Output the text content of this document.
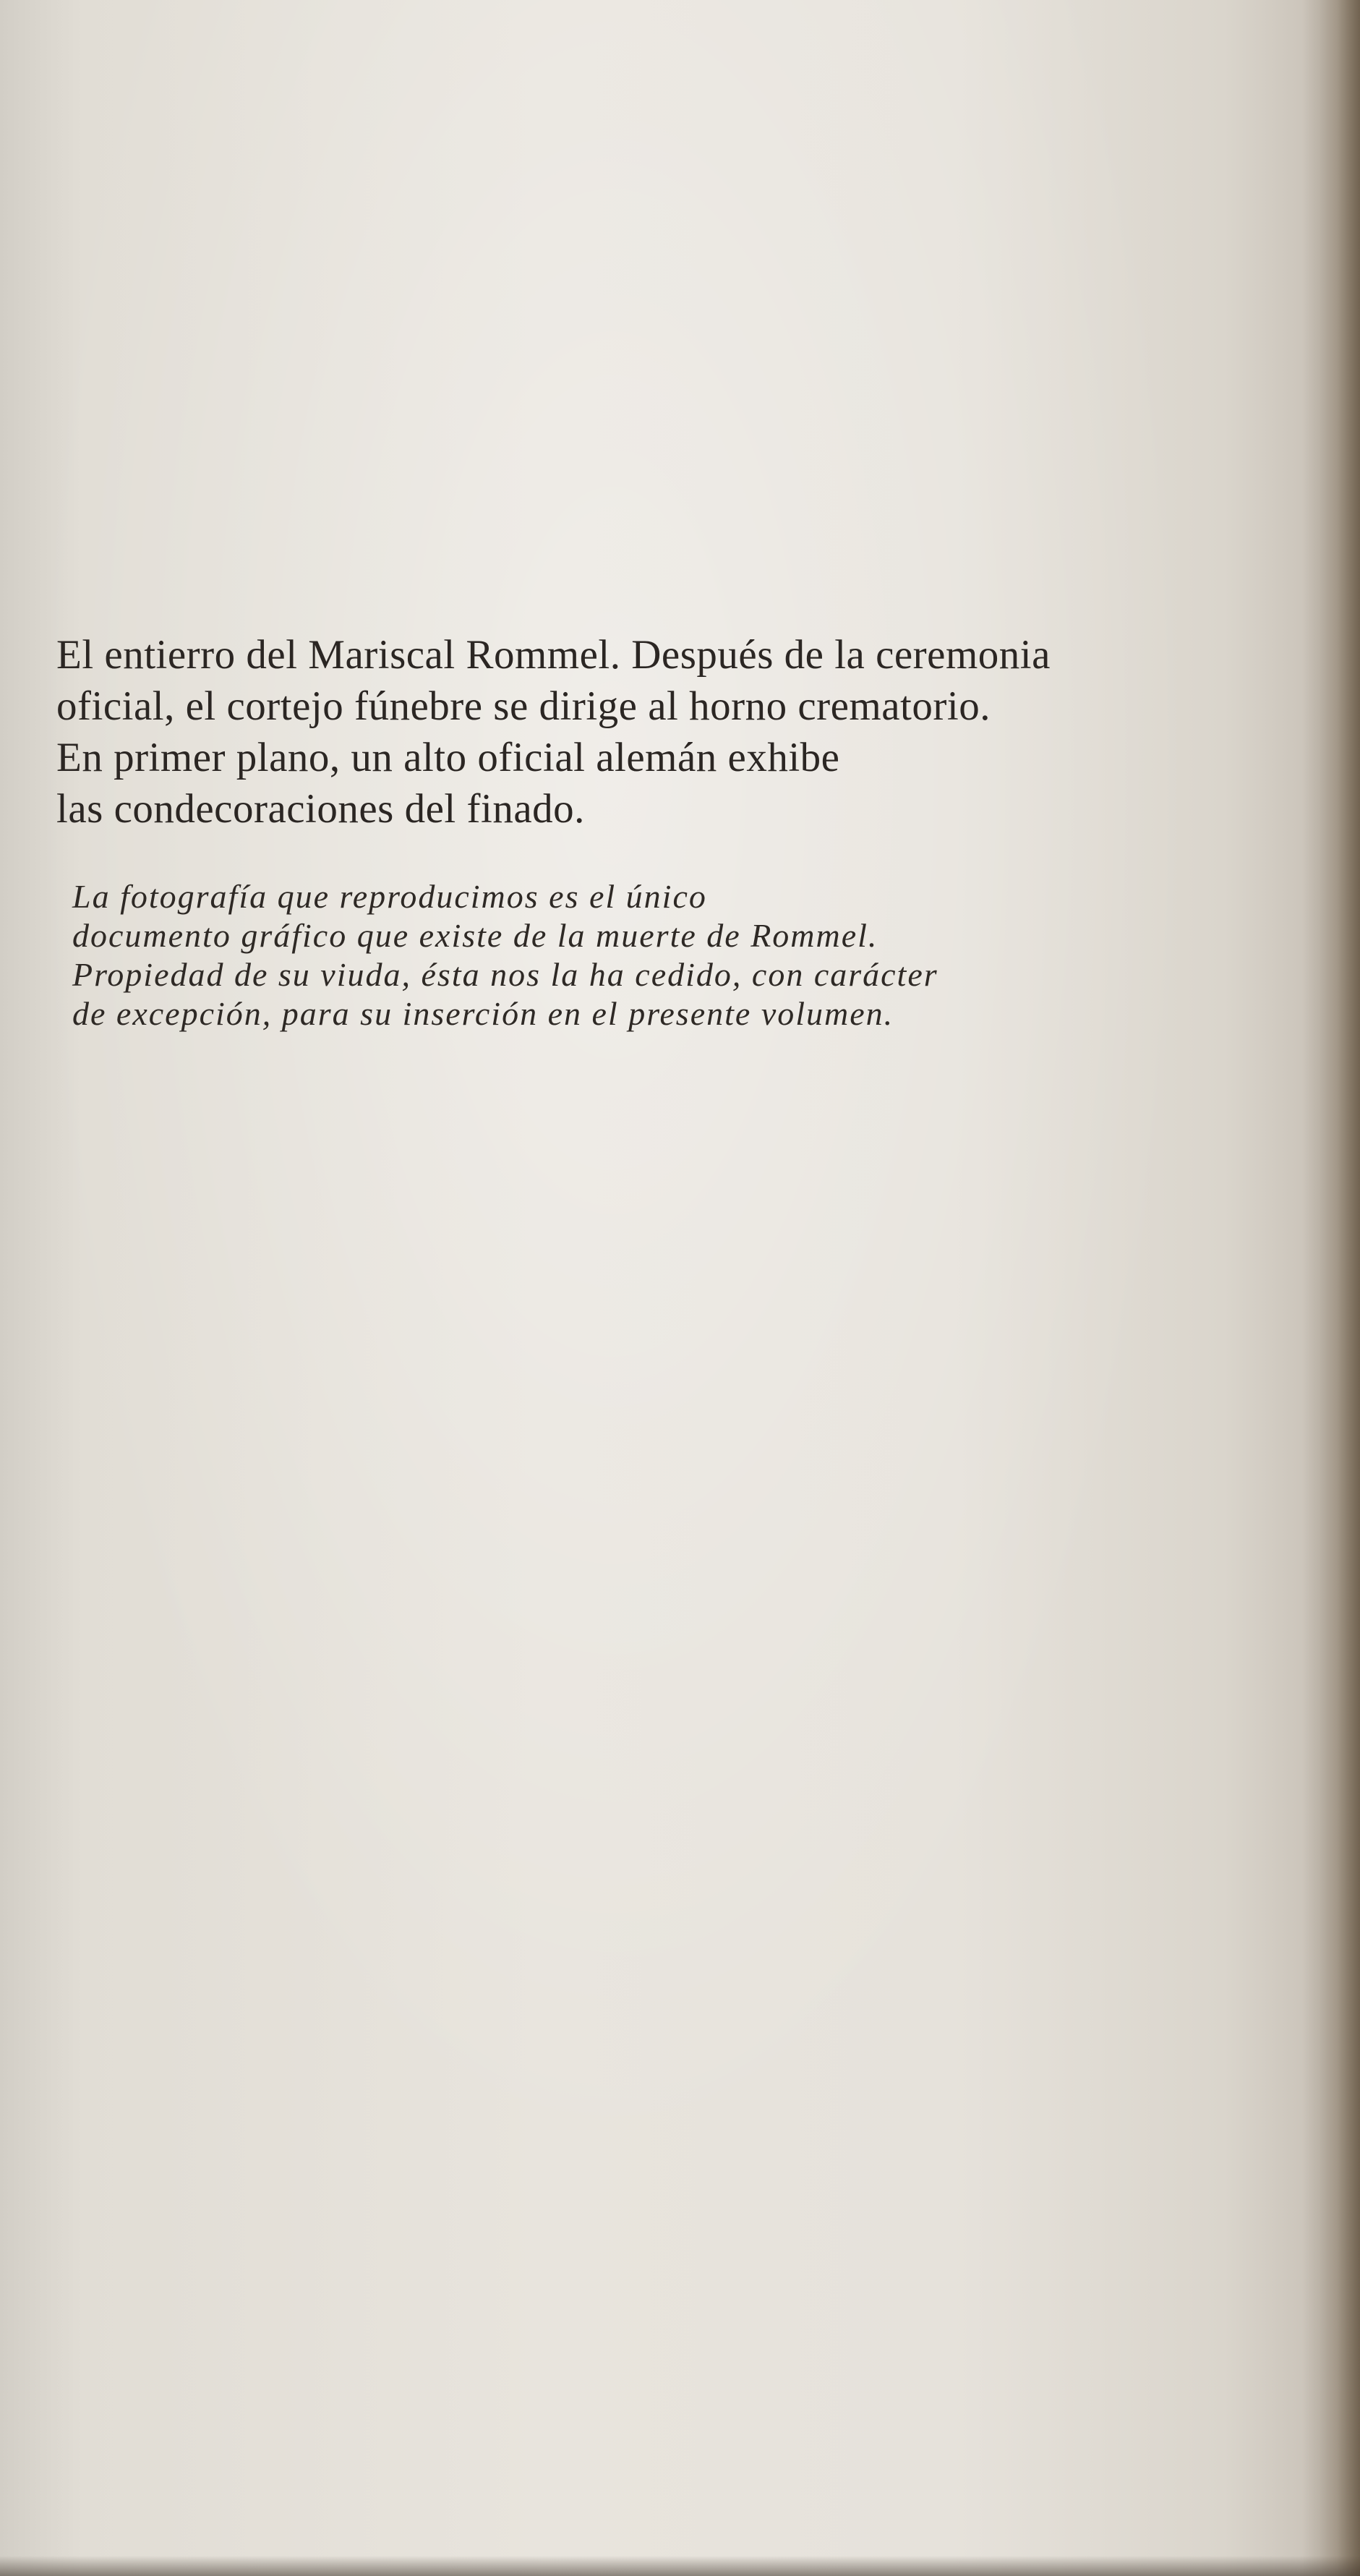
El entierro del Mariscal Rommel. Después de la ceremonia
oficial, el cortejo fúnebre se dirige al horno crematorio.
En primer plano, un alto oficial alemán exhibe
las condecoraciones del finado.
La fotografía que reproducimos es el único
documento gráfico que existe de la muerte de Rommel.
Propiedad de su viuda, ésta nos la ha cedido, con carácter
de excepción, para su inserción en el presente volumen.
